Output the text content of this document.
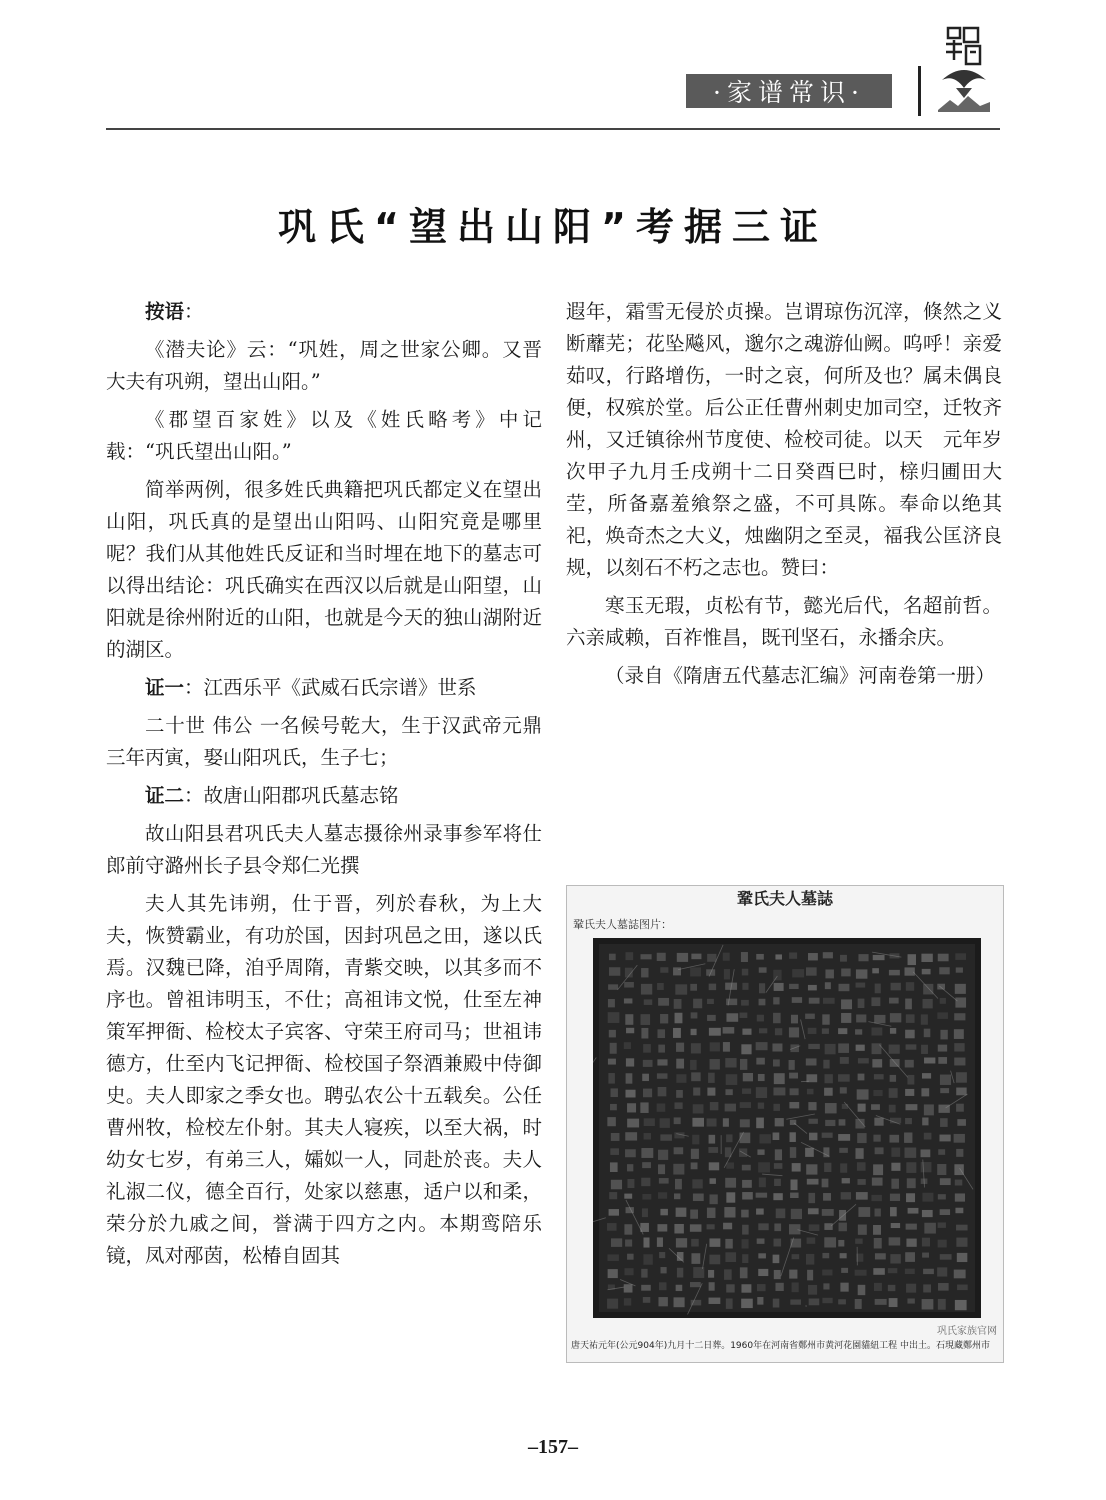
·家谱常识·
巩氏“望出山阳”考据三证

按语：

《潜夫论》云：“巩姓，周之世家公卿。又晋大夫有巩朔，望出山阳。”

《郡望百家姓》以及《姓氏略考》中记载：“巩氏望出山阳。”

简举两例，很多姓氏典籍把巩氏都定义在望出山阳，巩氏真的是望出山阳吗、山阳究竟是哪里呢？我们从其他姓氏反证和当时埋在地下的墓志可以得出结论：巩氏确实在西汉以后就是山阳望，山阳就是徐州附近的山阳，也就是今天的独山湖附近的湖区。

证一：江西乐平《武威石氏宗谱》世系

二十世 伟公 一名候号乾大，生于汉武帝元鼎三年丙寅，娶山阳巩氏，生子七；

证二：故唐山阳郡巩氏墓志铭

故山阳县君巩氏夫人墓志摄徐州录事参军将仕郎前守潞州长子县令郑仁光撰

夫人其先讳朔，仕于晋，列於春秋，为上大夫，恢赞霸业，有功於国，因封巩邑之田，遂以氏焉。汉魏已降，洎乎周隋，青紫交映，以其多而不序也。曾祖讳明玉，不仕；高祖讳文悦，仕至左神策军押衙、检校太子宾客、守荣王府司马；世祖讳德方，仕至内飞记押衙、检校国子祭酒兼殿中侍御史。夫人即家之季女也。聘弘农公十五载矣。公任曹州牧，检校左仆射。其夫人寝疾，以至大祸，时幼女七岁，有弟三人，孀姒一人，同赴於丧。夫人礼淑二仪，德全百行，处家以慈惠，适户以和柔，荣分於九戚之间，誉满于四方之内。本期鸾陪乐镜，凤对邴茵，松椿自固其

遐年，霜雪无侵於贞操。岂谓琼伤沉滓，倏然之义断蘼芜；花坠飚风，邈尔之魂游仙阙。呜呼！亲爱茹叹，行路增伤，一时之哀，何所及也？属未偶良便，权殡於堂。后公正任曹州刺史加司空，迁牧齐州，又迁镇徐州节度使、检校司徒。以天　元年岁次甲子九月壬戌朔十二日癸酉巳时，榇归圃田大茔，所备嘉羞飨祭之盛，不可具陈。奉命以绝其祀，焕奇杰之大义，烛幽阴之至灵，福我公匡济良规，以刻石不朽之志也。赞曰：

寒玉无瑕，贞松有节，懿光后代，名超前哲。六亲咸赖，百祚惟昌，既刊坚石，永播余庆。

（录自《隋唐五代墓志汇编》河南卷第一册）

鞏氏夫人墓誌
鞏氏夫人墓誌图片：
巩氏家族官网
唐天祐元年(公元904年)九月十二日葬。1960年在河南省鄭州市黄河花園貓紐工程 中出土。石現藏鄭州市
–157–
